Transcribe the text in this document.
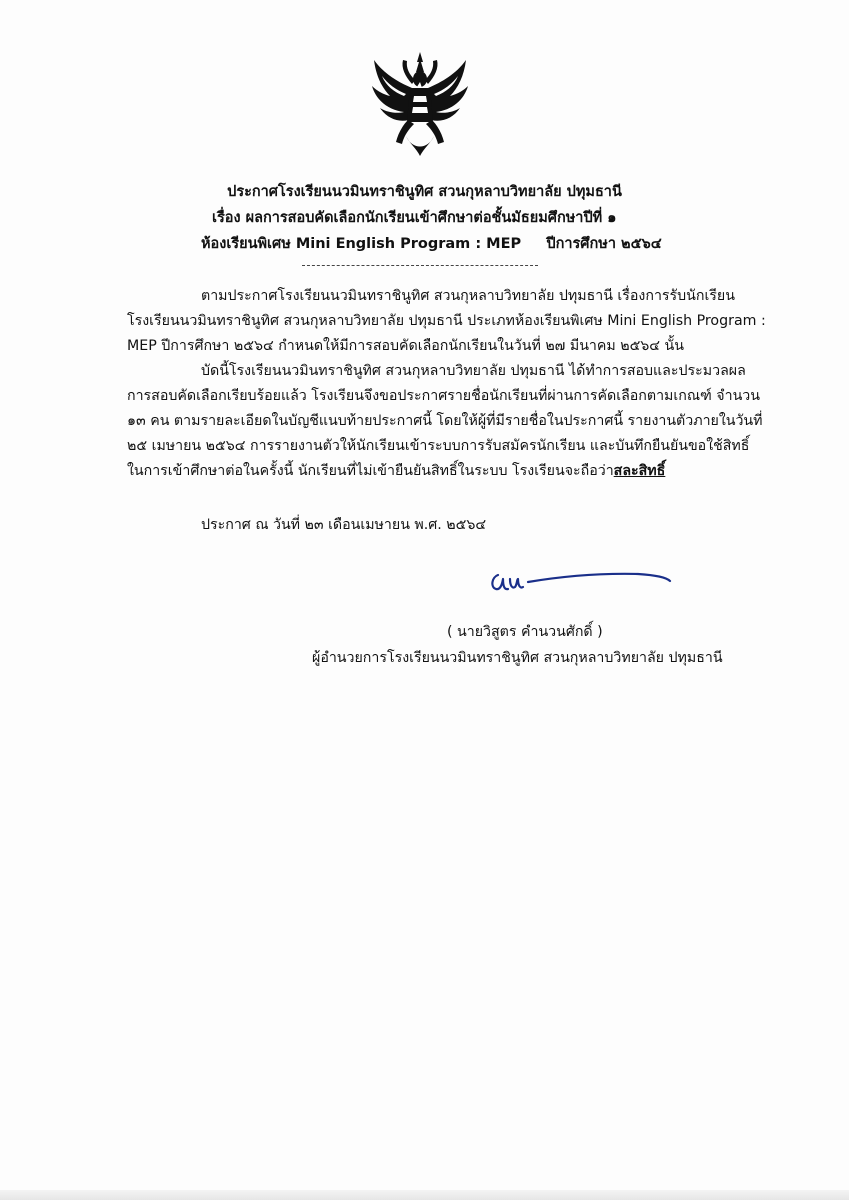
ประกาศโรงเรียนนวมินทราชินูทิศ สวนกุหลาบวิทยาลัย ปทุมธานี
เรื่อง ผลการสอบคัดเลือกนักเรียนเข้าศึกษาต่อชั้นมัธยมศึกษาปีที่ ๑
ห้องเรียนพิเศษ Mini English Program : MEP     ปีการศึกษา ๒๕๖๔
ตามประกาศโรงเรียนนวมินทราชินูทิศ สวนกุหลาบวิทยาลัย ปทุมธานี เรื่องการรับนักเรียน
โรงเรียนนวมินทราชินูทิศ สวนกุหลาบวิทยาลัย ปทุมธานี ประเภทห้องเรียนพิเศษ Mini English Program :
MEP ปีการศึกษา ๒๕๖๔ กำหนดให้มีการสอบคัดเลือกนักเรียนในวันที่ ๒๗ มีนาคม ๒๕๖๔ นั้น
บัดนี้โรงเรียนนวมินทราชินูทิศ สวนกุหลาบวิทยาลัย ปทุมธานี ได้ทำการสอบและประมวลผล
การสอบคัดเลือกเรียบร้อยแล้ว โรงเรียนจึงขอประกาศรายชื่อนักเรียนที่ผ่านการคัดเลือกตามเกณฑ์ จำนวน
๑๓ คน ตามรายละเอียดในบัญชีแนบท้ายประกาศนี้ โดยให้ผู้ที่มีรายชื่อในประกาศนี้ รายงานตัวภายในวันที่
๒๕ เมษายน ๒๕๖๔ การรายงานตัวให้นักเรียนเข้าระบบการรับสมัครนักเรียน และบันทึกยืนยันขอใช้สิทธิ์
ในการเข้าศึกษาต่อในครั้งนี้ นักเรียนที่ไม่เข้ายืนยันสิทธิ์ในระบบ โรงเรียนจะถือว่าสละสิทธิ์
ประกาศ ณ วันที่ ๒๓ เดือนเมษายน พ.ศ. ๒๕๖๔
( นายวิสูตร คำนวนศักดิ์ )
ผู้อำนวยการโรงเรียนนวมินทราชินูทิศ สวนกุหลาบวิทยาลัย ปทุมธานี
